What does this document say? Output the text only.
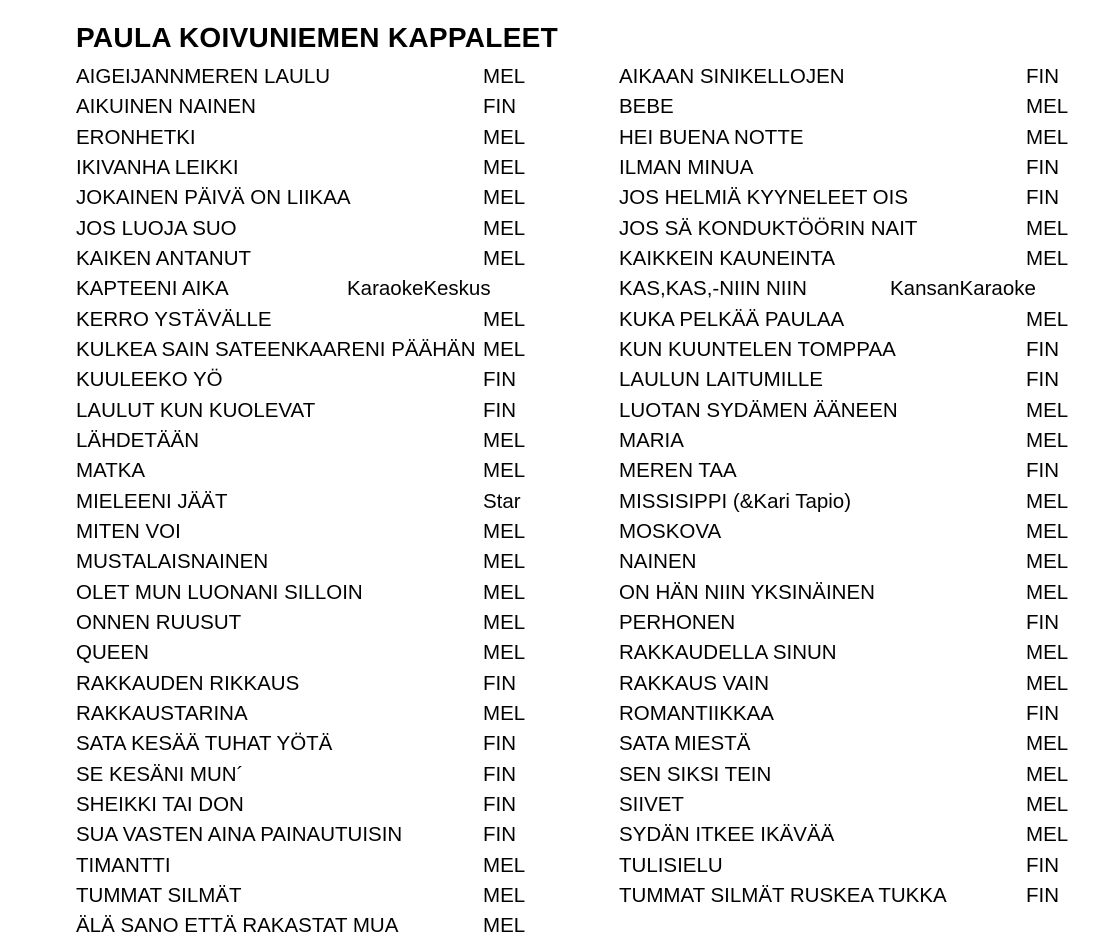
PAULA KOIVUNIEMEN KAPPALEET
AIGEIJANNMEREN LAULU	MEL
AIKUINEN NAINEN	FIN
ERONHETKI	MEL
IKIVANHA LEIKKI	MEL
JOKAINEN PÄIVÄ ON LIIKAA	MEL
JOS LUOJA SUO	MEL
KAIKEN ANTANUT	MEL
KAPTEENI AIKA	KaraokeKeskus
KERRO YSTÄVÄLLE	MEL
KULKEA SAIN SATEENKAARENI PÄÄHÄN MEL
KUULEEKO YÖ	FIN
LAULUT KUN KUOLEVAT	FIN
LÄHDETÄÄN	MEL
MATKA	MEL
MIELEENI JÄÄT	Star
MITEN VOI	MEL
MUSTALAISNAINEN	MEL
OLET MUN LUONANI SILLOIN	MEL
ONNEN RUUSUT	MEL
QUEEN	MEL
RAKKAUDEN RIKKAUS	FIN
RAKKAUSTARINA	MEL
SATA KESÄÄ TUHAT YÖTÄ	FIN
SE KESÄNI MUN´	FIN
SHEIKKI TAI DON	FIN
SUA VASTEN AINA PAINAUTUISIN	FIN
TIMANTTI	MEL
TUMMAT SILMÄT	MEL
ÄLÄ SANO ETTÄ RAKASTAT MUA	MEL
AIKAAN SINIKELLOJEN	FIN
BEBE	MEL
HEI BUENA NOTTE	MEL
ILMAN MINUA	FIN
JOS HELMIÄ KYYNELEET OIS	FIN
JOS SÄ KONDUKTÖÖRIN NAIT	MEL
KAIKKEIN KAUNEINTA	MEL
KAS,KAS,-NIIN NIIN	KansanKaraoke
KUKA PELKÄÄ PAULAA	MEL
KUN KUUNTELEN TOMPPAA	FIN
LAULUN LAITUMILLE	FIN
LUOTAN SYDÄMEN ÄÄNEEN	MEL
MARIA	MEL
MEREN TAA	FIN
MISSISIPPI (&Kari Tapio)	MEL
MOSKOVA	MEL
NAINEN	MEL
ON HÄN NIIN YKSINÄINEN	MEL
PERHONEN	FIN
RAKKAUDELLA SINUN	MEL
RAKKAUS VAIN	MEL
ROMANTIIKKAA	FIN
SATA MIESTÄ	MEL
SEN SIKSI TEIN	MEL
SIIVET	MEL
SYDÄN ITKEE IKÄVÄÄ	MEL
TULISIELU	FIN
TUMMAT SILMÄT RUSKEA TUKKA	FIN
